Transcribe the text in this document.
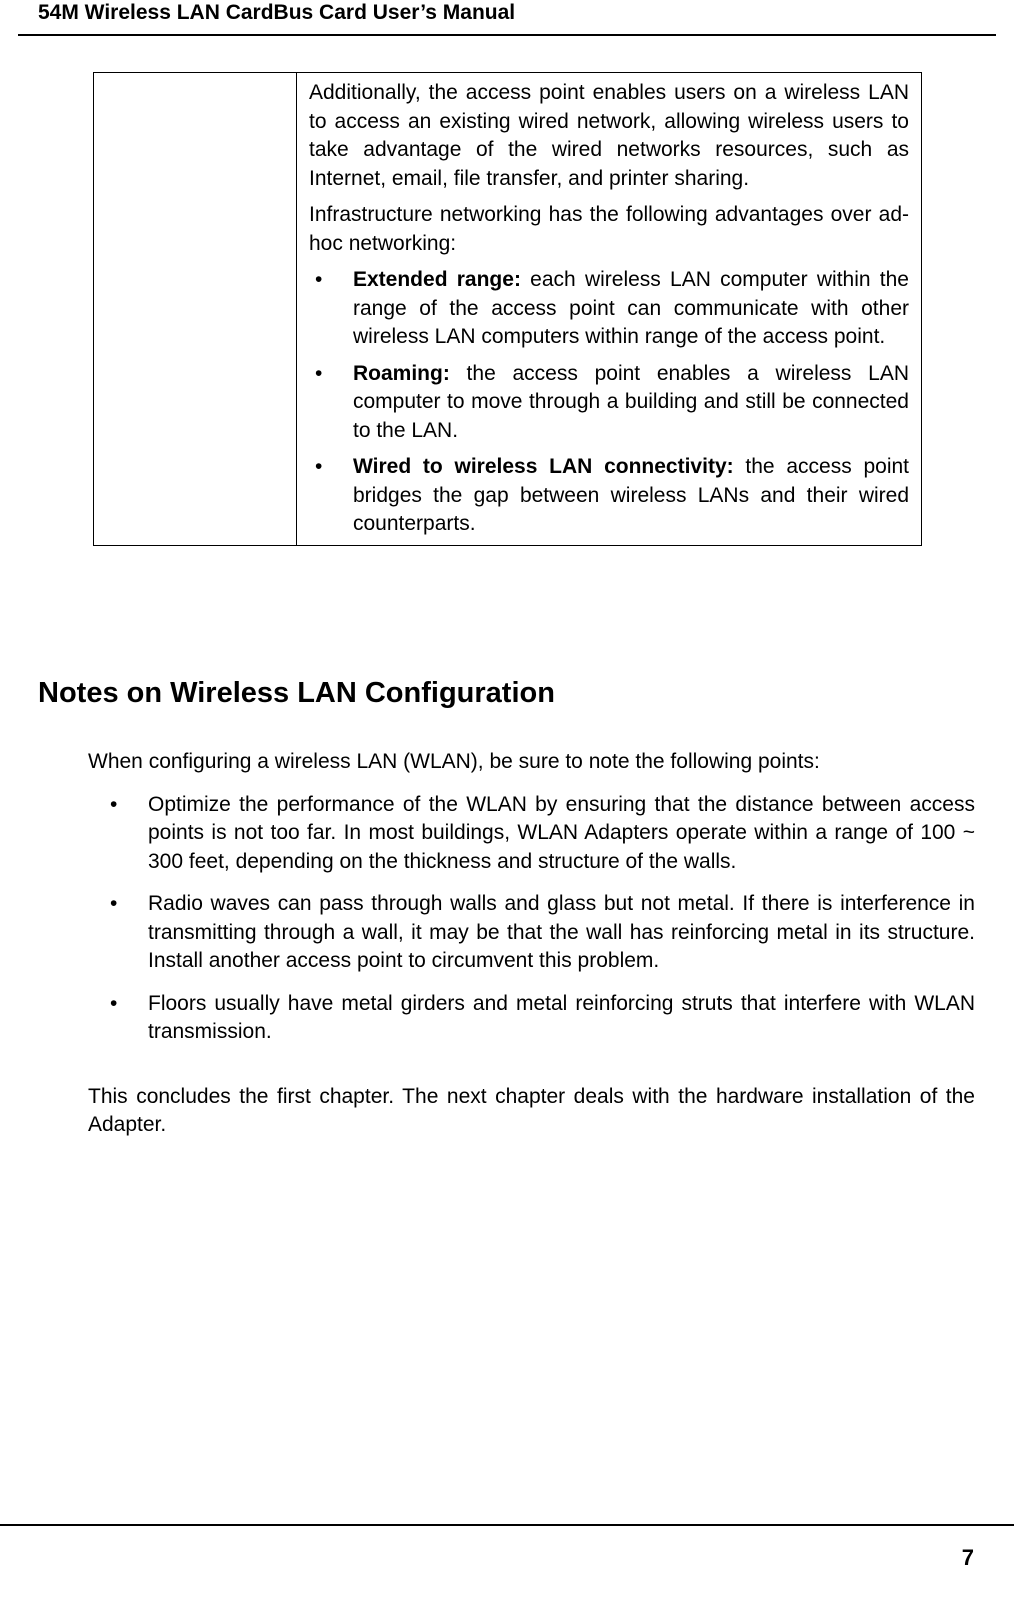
54M Wireless LAN CardBus Card User’s Manual

Additionally, the access point enables users on a wireless LAN to access an existing wired network, allowing wireless users to take advantage of the wired networks resources, such as Internet, email, file transfer, and printer sharing.

Infrastructure networking has the following advantages over ad-hoc networking:

• Extended range: each wireless LAN computer within the range of the access point can communicate with other wireless LAN computers within range of the access point.
• Roaming: the access point enables a wireless LAN computer to move through a building and still be connected to the LAN.
• Wired to wireless LAN connectivity: the access point bridges the gap between wireless LANs and their wired counterparts.
Notes on Wireless LAN Configuration

When configuring a wireless LAN (WLAN), be sure to note the following points:

• Optimize the performance of the WLAN by ensuring that the distance between access points is not too far. In most buildings, WLAN Adapters operate within a range of 100 ~ 300 feet, depending on the thickness and structure of the walls.
• Radio waves can pass through walls and glass but not metal. If there is interference in transmitting through a wall, it may be that the wall has reinforcing metal in its structure. Install another access point to circumvent this problem.
• Floors usually have metal girders and metal reinforcing struts that interfere with WLAN transmission.

This concludes the first chapter. The next chapter deals with the hardware installation of the Adapter.

7
